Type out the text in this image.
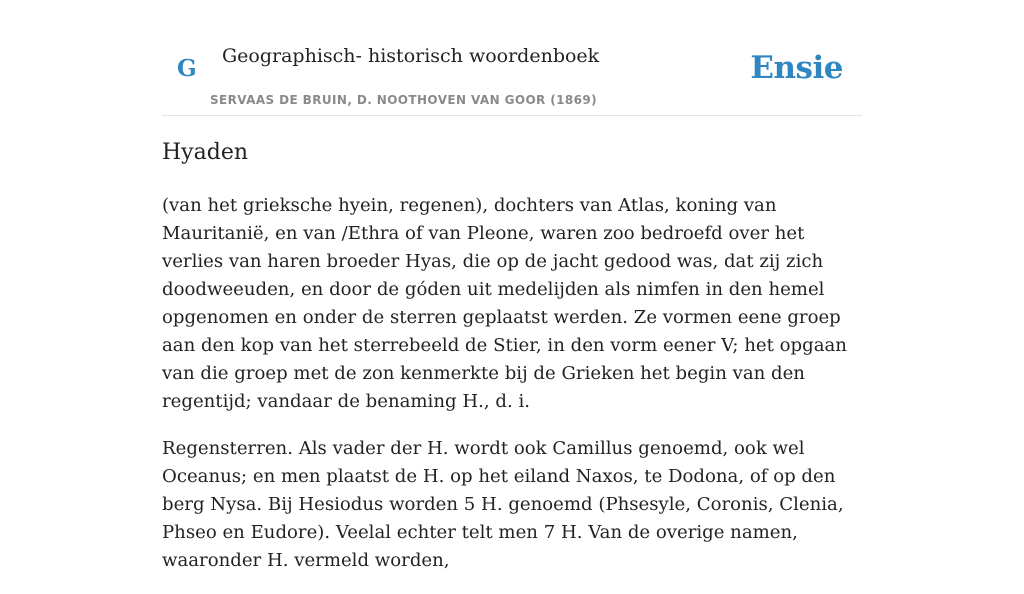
G Geographisch- historisch woordenboek
SERVAAS DE BRUIN, D. NOOTHOVEN VAN GOOR (1869)
Ensie
Hyaden

(van het grieksche hyein, regenen), dochters van Atlas, koning van Mauritanië, en van /Ethra of van Pleone, waren zoo bedroefd over het verlies van haren broeder Hyas, die op de jacht gedood was, dat zij zich doodweeuden, en door de góden uit medelijden als nimfen in den hemel opgenomen en onder de sterren geplaatst werden. Ze vormen eene groep aan den kop van het sterrebeeld de Stier, in den vorm eener V; het opgaan van die groep met de zon kenmerkte bij de Grieken het begin van den regentijd; vandaar de benaming H., d. i.

Regensterren. Als vader der H. wordt ook Camillus genoemd, ook wel Oceanus; en men plaatst de H. op het eiland Naxos, te Dodona, of op den berg Nysa. Bij Hesiodus worden 5 H. genoemd (Phsesyle, Coronis, Clenia, Phseo en Eudore). Veelal echter telt men 7 H. Van de overige namen, waaronder H. vermeld worden,
